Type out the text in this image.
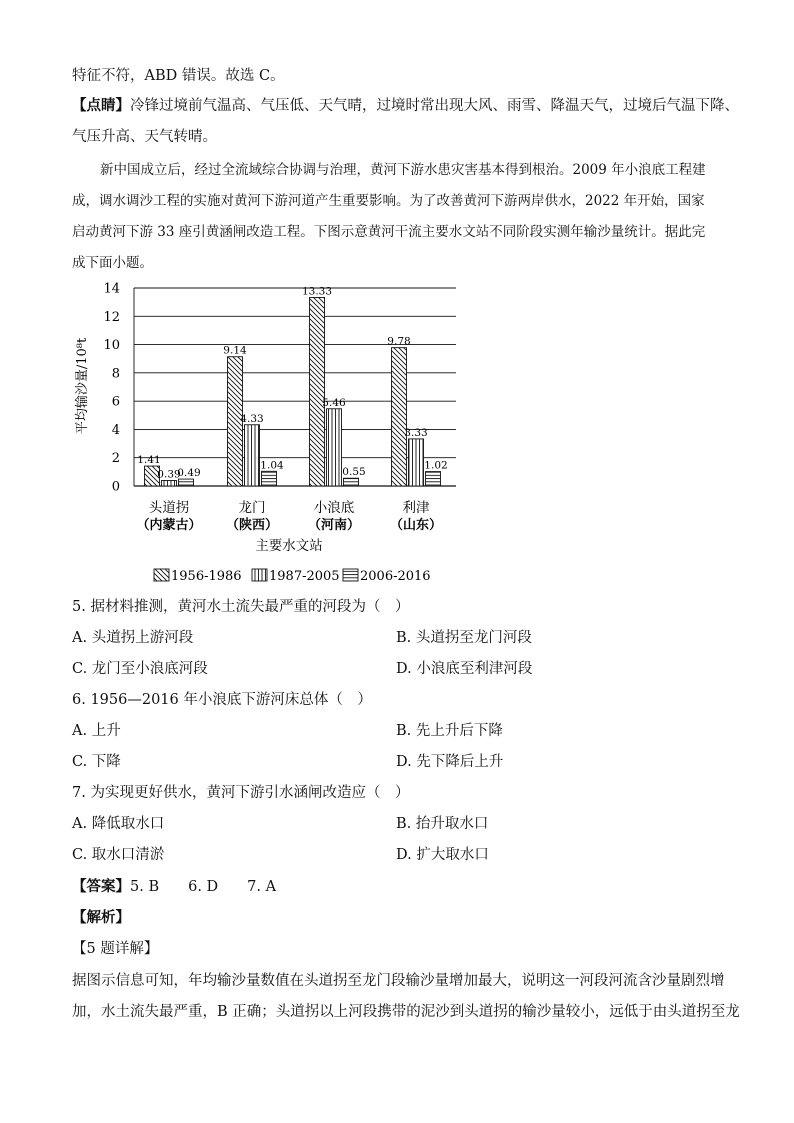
特征不符，ABD 错误。故选 C。
【点睛】冷锋过境前气温高、气压低、天气晴，过境时常出现大风、雨雪、降温天气，过境后气温下降、
气压升高、天气转晴。
新中国成立后，经过全流域综合协调与治理，黄河下游水患灾害基本得到根治。2009 年小浪底工程建
成，调水调沙工程的实施对黄河下游河道产生重要影响。为了改善黄河下游两岸供水，2022 年开始，国家
启动黄河下游 33 座引黄涵闸改造工程。下图示意黄河干流主要水文站不同阶段实测年输沙量统计。据此完
成下面小题。
0
2
4
6
8
10
12
14
平均输沙量/10⁸t
1.41
0.39
0.49
9.14
4.33
1.04
13.33
5.46
0.55
9.78
3.33
1.02
头道拐
（内蒙古）
龙门
（陕西）
小浪底
（河南）
利津
（山东）
主要水文站
1956-1986 1987-2005 2006-2016
5. 据材料推测，黄河水土流失最严重的河段为（　）
A. 头道拐上游河段	B. 头道拐至龙门河段
C. 龙门至小浪底河段	D. 小浪底至利津河段
6. 1956—2016 年小浪底下游河床总体（　）
A. 上升	B. 先上升后下降
C. 下降	D. 先下降后上升
7. 为实现更好供水，黄河下游引水涵闸改造应（　）
A. 降低取水口	B. 抬升取水口
C. 取水口清淤	D. 扩大取水口
【答案】5. B　　6. D　　7. A
【解析】
【5 题详解】
据图示信息可知，年均输沙量数值在头道拐至龙门段输沙量增加最大，说明这一河段河流含沙量剧烈增
加，水土流失最严重，B 正确；头道拐以上河段携带的泥沙到头道拐的输沙量较小，远低于由头道拐至龙
